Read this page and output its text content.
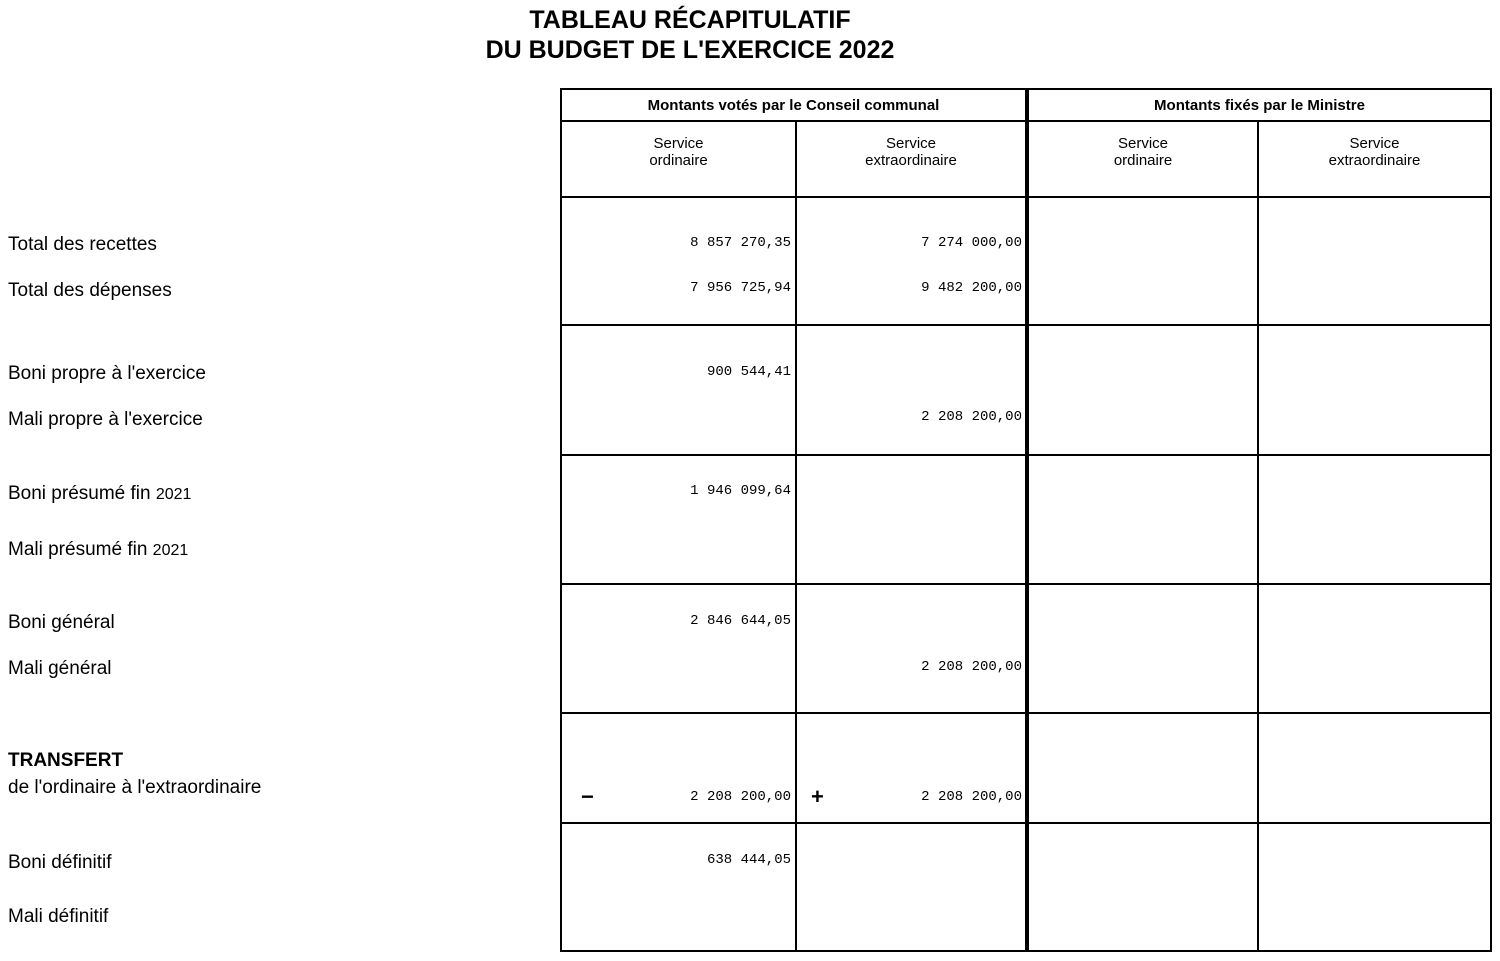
TABLEAU RÉCAPITULATIF
DU BUDGET DE L'EXERCICE 2022
Montants votés par le Conseil communal	Montants fixés par le Ministre
Service
ordinaire
Service
extraordinaire
Service
ordinaire
Service
extraordinaire
Total des recettes
Total des dépenses
Boni propre à l'exercice
Mali propre à l'exercice
Boni présumé fin 2021
Mali présumé fin 2021
Boni général
Mali général
TRANSFERT
de l'ordinaire à l'extraordinaire
Boni définitif
Mali définitif
8 857 270,35
7 956 725,94
900 544,41
1 946 099,64
2 846 644,05
2 208 200,00
638 444,05
7 274 000,00
9 482 200,00
2 208 200,00
2 208 200,00
2 208 200,00
−	+
